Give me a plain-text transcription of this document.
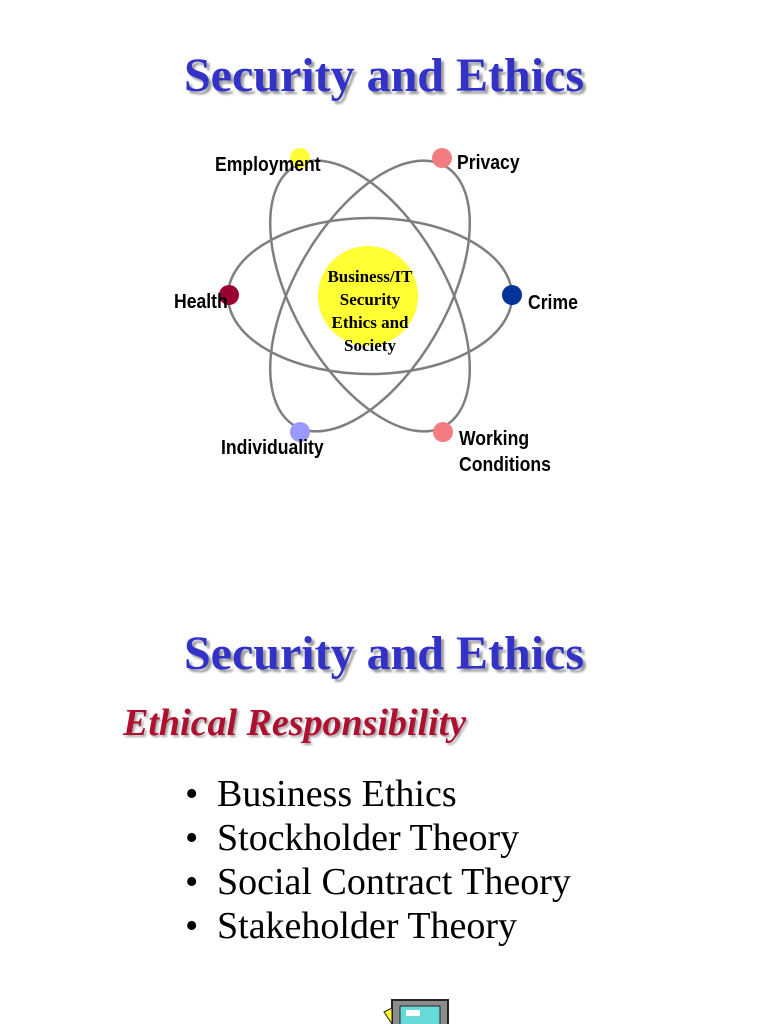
Security and Ethics
Business/IT
Security
Ethics and
Society
Employment	Privacy
Health	Crime
Individuality	Working
Conditions
Security and Ethics
Ethical Responsibility
• Business Ethics
• Stockholder Theory
• Social Contract Theory
• Stakeholder Theory
